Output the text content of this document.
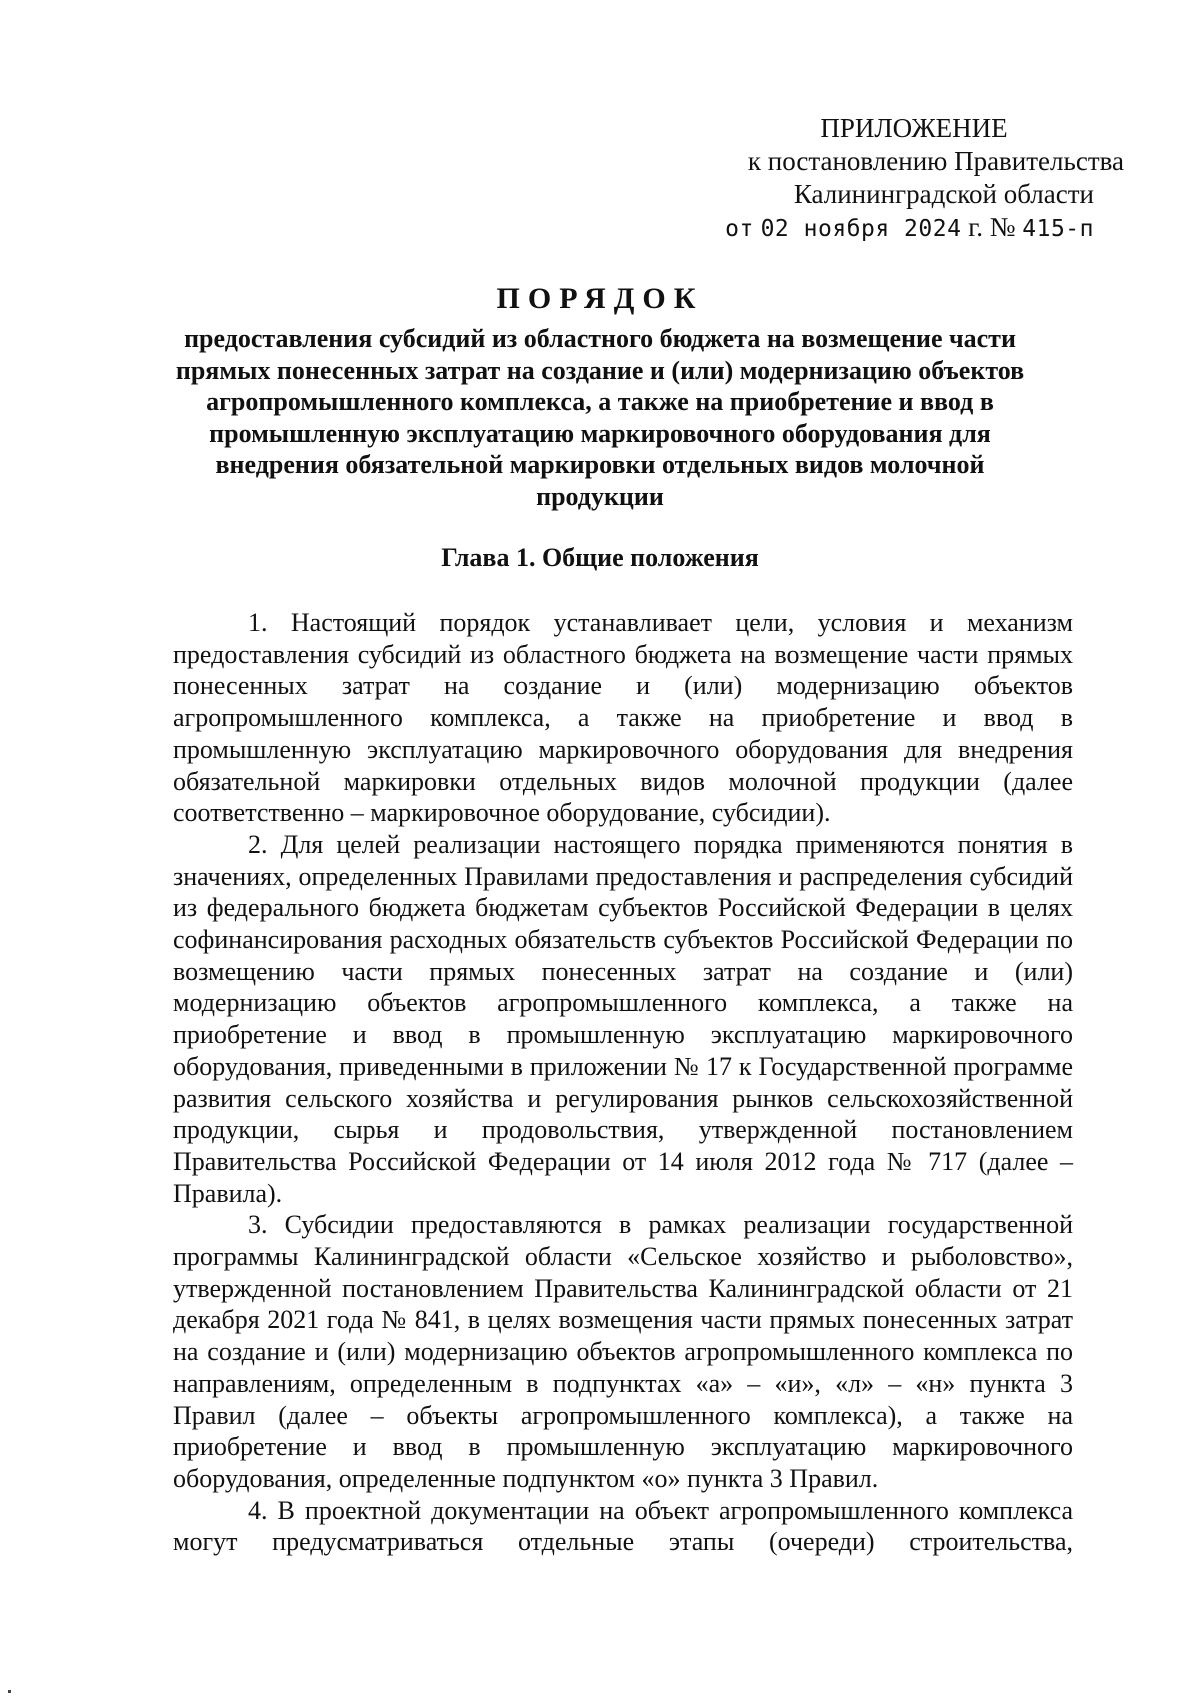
ПРИЛОЖЕНИЕ
к постановлению Правительства
Калининградской области
от 02 ноября 2024 г. № 415-п
ПОРЯДОК
предоставления субсидий из областного бюджета на возмещение части прямых понесенных затрат на создание и (или) модернизацию объектов агропромышленного комплекса, а также на приобретение и ввод в промышленную эксплуатацию маркировочного оборудования для внедрения обязательной маркировки отдельных видов молочной продукции
Глава 1. Общие положения

1. Настоящий порядок устанавливает цели, условия и механизм предоставления субсидий из областного бюджета на возмещение части прямых понесенных затрат на создание и (или) модернизацию объектов агропромышленного комплекса, а также на приобретение и ввод в промышленную эксплуатацию маркировочного оборудования для внедрения обязательной маркировки отдельных видов молочной продукции (далее соответственно – маркировочное оборудование, субсидии).

2. Для целей реализации настоящего порядка применяются понятия в значениях, определенных Правилами предоставления и распределения субсидий из федерального бюджета бюджетам субъектов Российской Федерации в целях софинансирования расходных обязательств субъектов Российской Федерации по возмещению части прямых понесенных затрат на создание и (или) модернизацию объектов агропромышленного комплекса, а также на приобретение и ввод в промышленную эксплуатацию маркировочного оборудования, приведенными в приложении № 17 к Государственной программе развития сельского хозяйства и регулирования рынков сельскохозяйственной продукции, сырья и продовольствия, утвержденной постановлением Правительства Российской Федерации от 14 июля 2012 года № 717 (далее – Правила).

3. Субсидии предоставляются в рамках реализации государственной программы Калининградской области «Сельское хозяйство и рыболовство», утвержденной постановлением Правительства Калининградской области от 21 декабря 2021 года № 841, в целях возмещения части прямых понесенных затрат на создание и (или) модернизацию объектов агропромышленного комплекса по направлениям, определенным в подпунктах «а» – «и», «л» – «н» пункта 3 Правил (далее – объекты агропромышленного комплекса), а также на приобретение и ввод в промышленную эксплуатацию маркировочного оборудования, определенные подпунктом «о» пункта 3 Правил.

4. В проектной документации на объект агропромышленного комплекса могут предусматриваться отдельные этапы (очереди) строительства,
